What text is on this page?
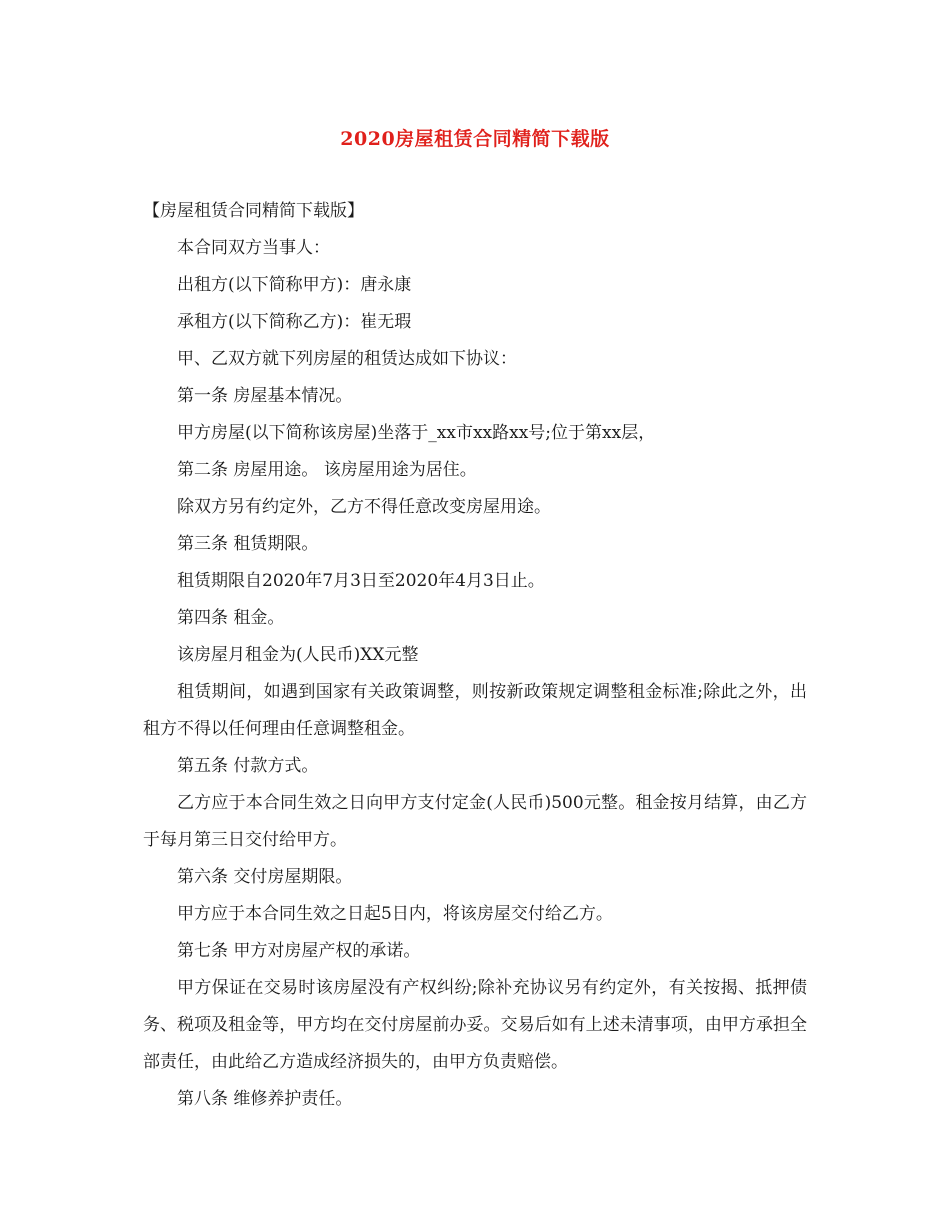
2020房屋租赁合同精简下载版

【房屋租赁合同精简下载版】

本合同双方当事人：

出租方(以下简称甲方)：唐永康

承租方(以下简称乙方)：崔无瑕

甲、乙双方就下列房屋的租赁达成如下协议：

第一条 房屋基本情况。

甲方房屋(以下简称该房屋)坐落于_xx市xx路xx号;位于第xx层，

第二条 房屋用途。 该房屋用途为居住。

除双方另有约定外，乙方不得任意改变房屋用途。

第三条 租赁期限。

租赁期限自2020年7月3日至2020年4月3日止。

第四条 租金。

该房屋月租金为(人民币)XX元整

租赁期间，如遇到国家有关政策调整，则按新政策规定调整租金标准;除此之外，出租方不得以任何理由任意调整租金。

第五条 付款方式。

乙方应于本合同生效之日向甲方支付定金(人民币)500元整。租金按月结算，由乙方于每月第三日交付给甲方。

第六条 交付房屋期限。

甲方应于本合同生效之日起5日内，将该房屋交付给乙方。

第七条 甲方对房屋产权的承诺。

甲方保证在交易时该房屋没有产权纠纷;除补充协议另有约定外，有关按揭、抵押债务、税项及租金等，甲方均在交付房屋前办妥。交易后如有上述未清事项，由甲方承担全部责任，由此给乙方造成经济损失的，由甲方负责赔偿。

第八条 维修养护责任。
